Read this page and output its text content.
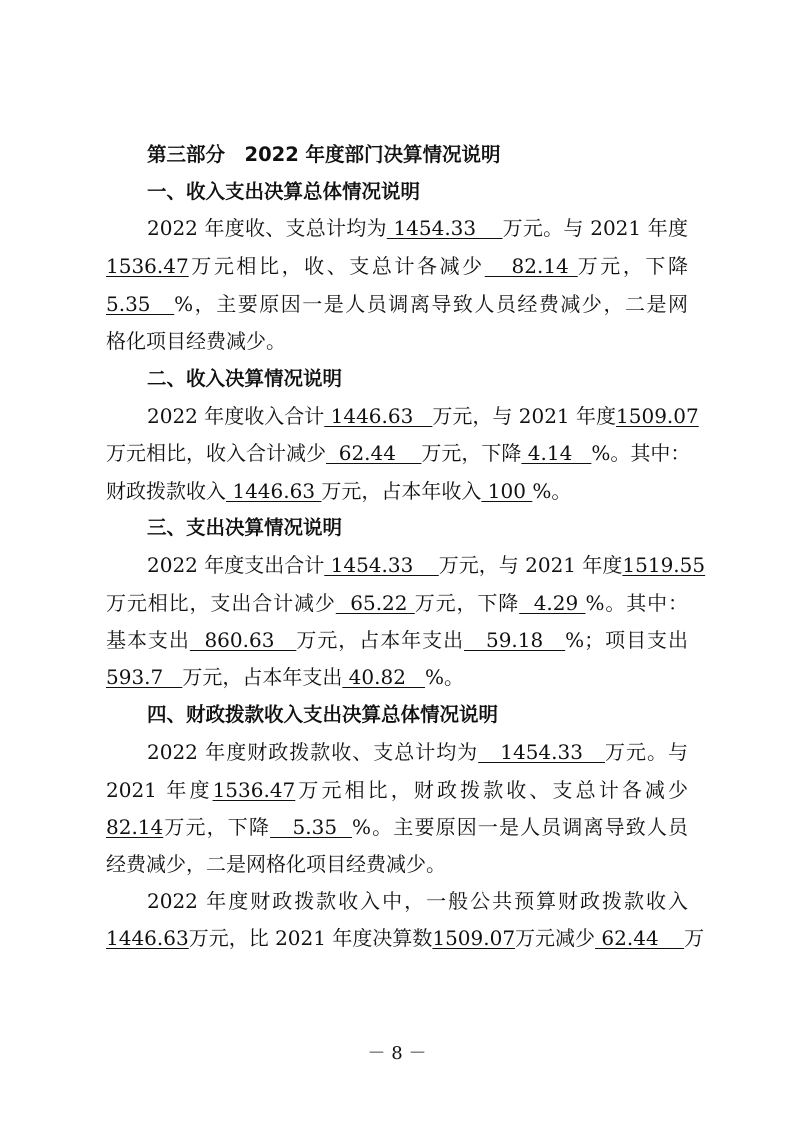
第三部分　2022 年度部门决算情况说明
一、收入支出决算总体情况说明
2022 年度收、支总计均为 1454.33    万元。与 2021 年度
1536.47万元相比，收、支总计各减少   82.14 万元，下降
5.35   %，主要原因一是人员调离导致人员经费减少，二是网
格化项目经费减少。
二、收入决算情况说明
2022 年度收入合计 1446.63   万元，与 2021 年度1509.07
万元相比，收入合计减少  62.44    万元，下降 4.14   %。其中：
财政拨款收入 1446.63 万元，占本年收入 100 %。
三、支出决算情况说明
2022 年度支出合计 1454.33    万元，与 2021 年度1519.55
万元相比，支出合计减少  65.22 万元，下降  4.29 %。其中：
基本支出  860.63   万元，占本年支出   59.18   %；项目支出
593.7   万元，占本年支出 40.82   %。
四、财政拨款收入支出决算总体情况说明
2022 年度财政拨款收、支总计均为   1454.33   万元。与
2021 年度1536.47万元相比，财政拨款收、支总计各减少
82.14万元，下降   5.35  %。主要原因一是人员调离导致人员
经费减少，二是网格化项目经费减少。
2022 年度财政拨款收入中，一般公共预算财政拨款收入
1446.63万元，比 2021 年度决算数1509.07万元减少 62.44    万
－ 8 －
